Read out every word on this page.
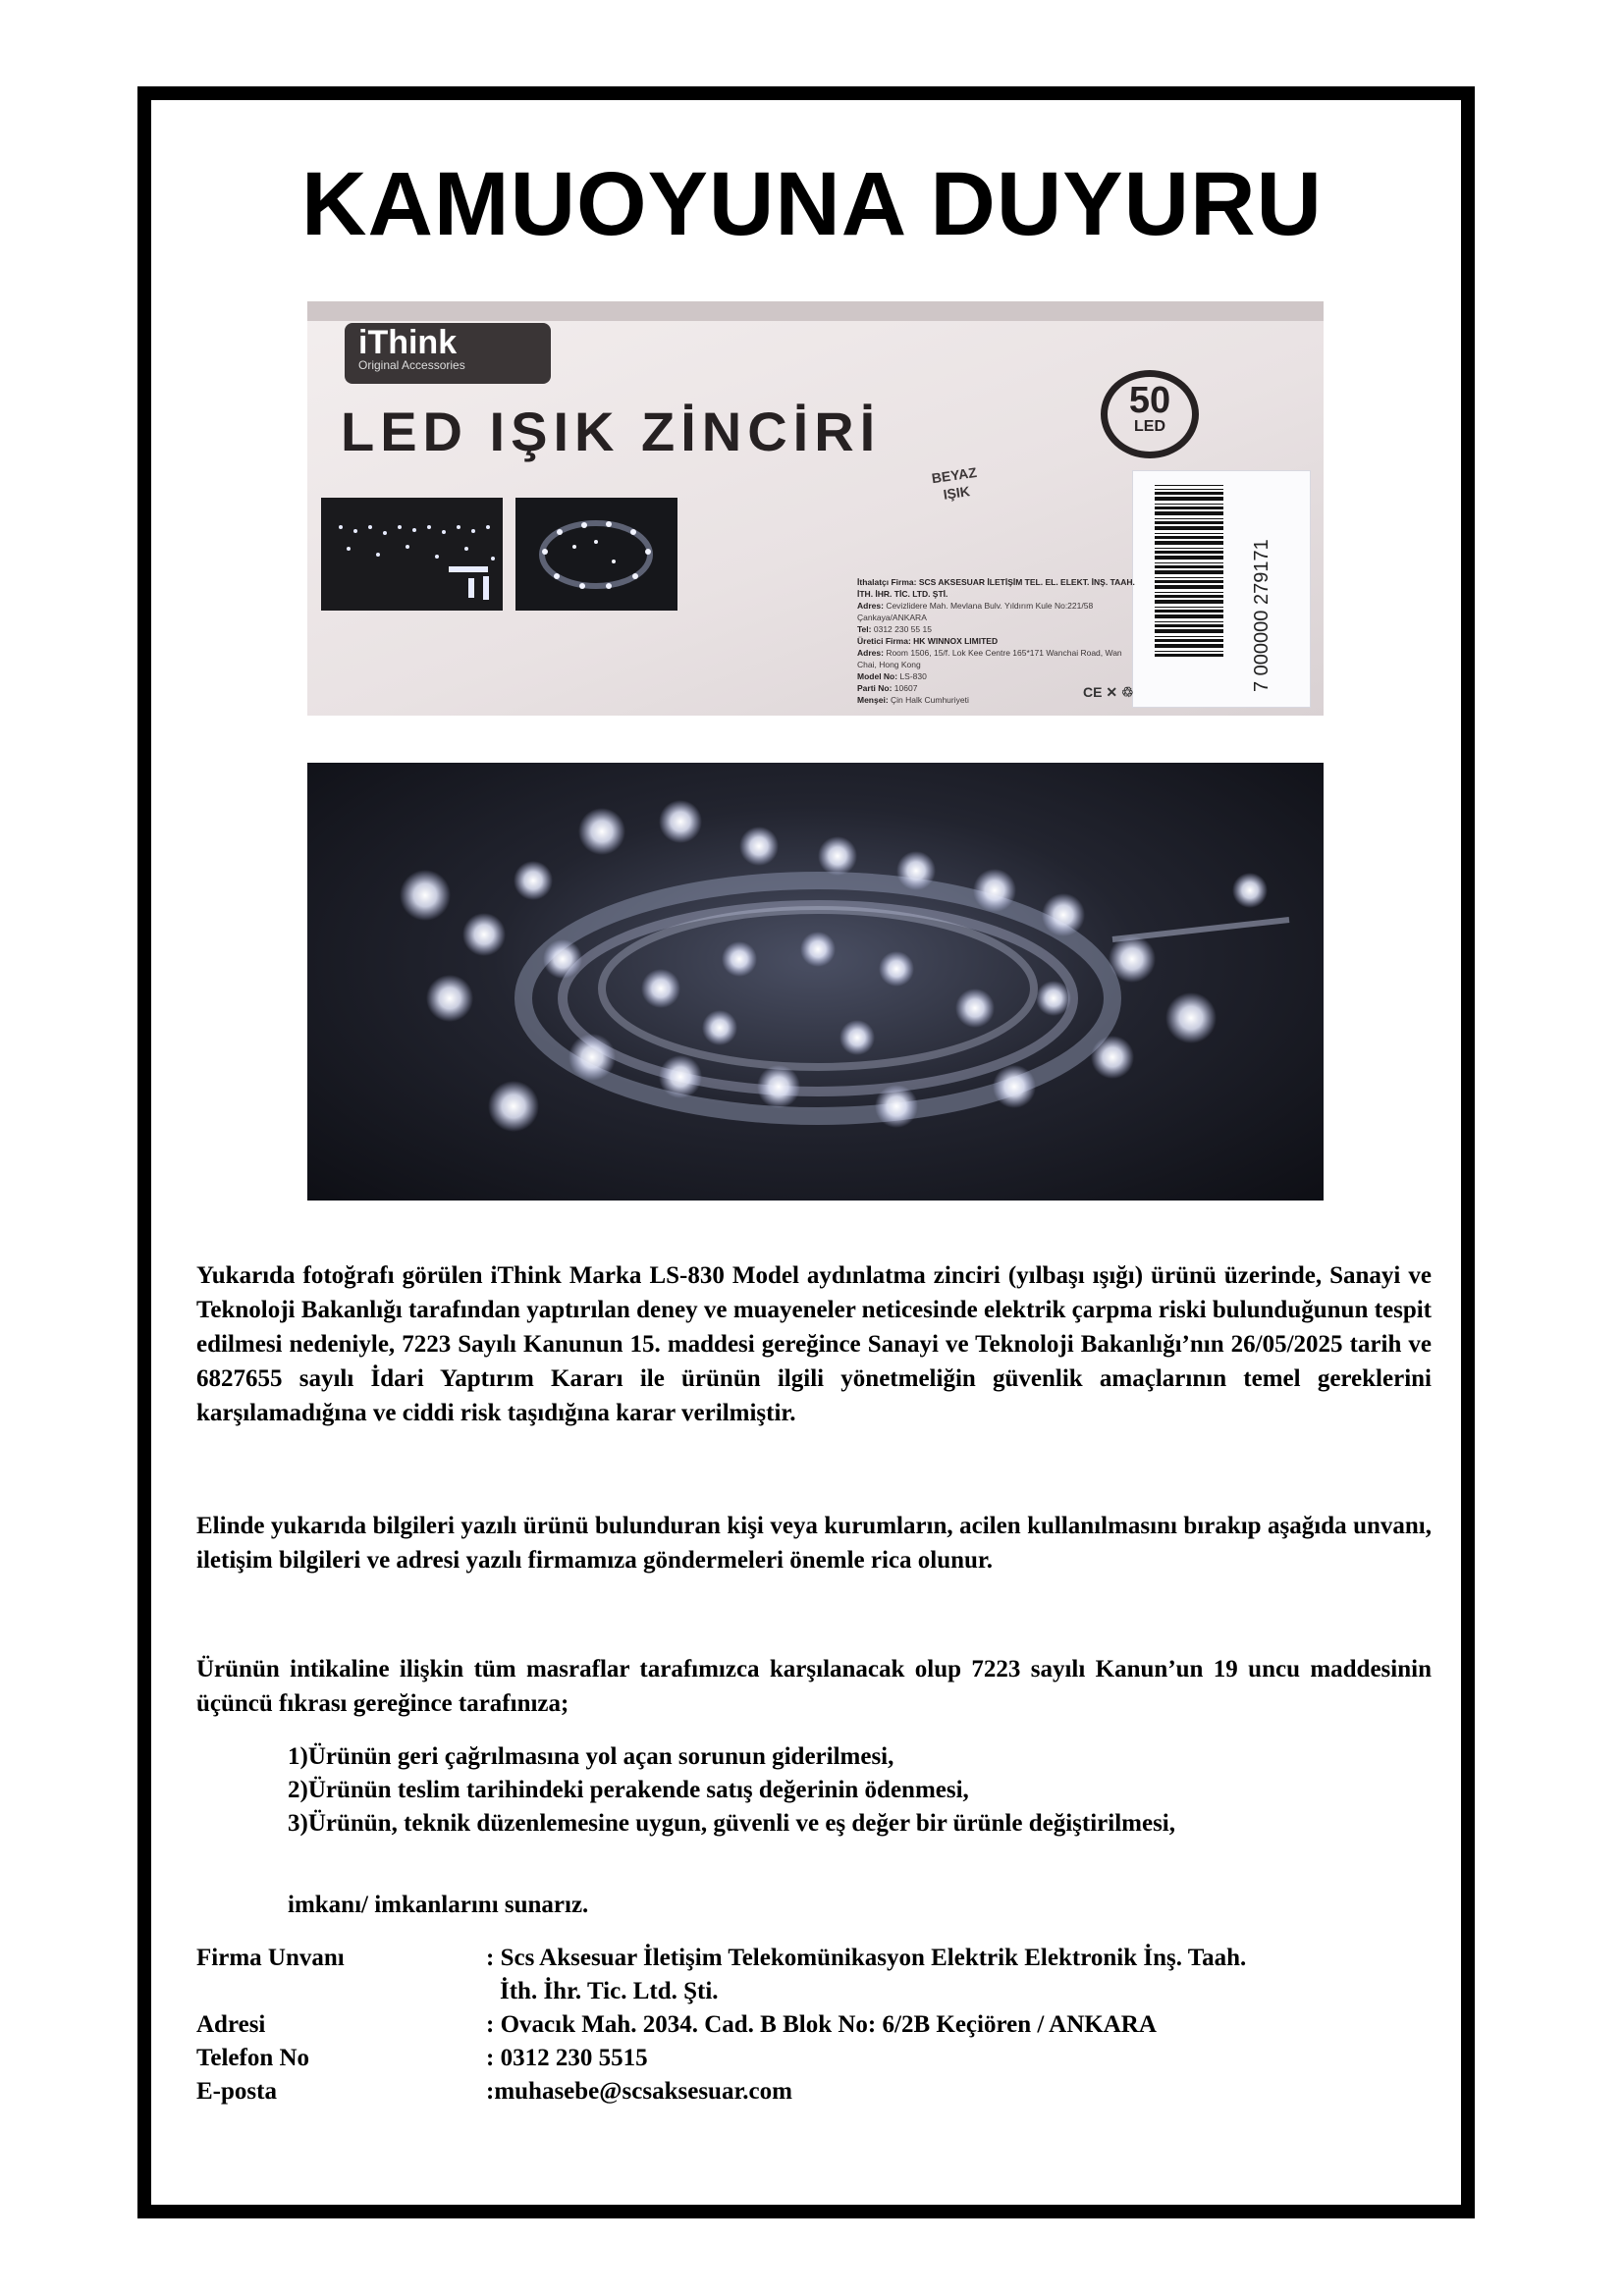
KAMUOYUNA DUYURU
iThink
Original Accessories
LED IŞIK ZİNCİRİ	50
LED
BEYAZ
IŞIK
7 000000 279171
İthalatçı Firma: SCS AKSESUAR İLETİŞİM TEL. EL. ELEKT. İNŞ. TAAH. İTH. İHR. TİC. LTD. ŞTİ.
Adres: Cevizlidere Mah. Mevlana Bulv. Yıldırım Kule No:221/58 Çankaya/ANKARA
Tel: 0312 230 55 15
Üretici Firma: HK WINNOX LIMITED
Adres: Room 1506, 15/f. Lok Kee Centre 165*171 Wanchai Road, Wan Chai, Hong Kong
Model No: LS-830
Parti No: 10607
Menşei: Çin Halk Cumhuriyeti	CE ✕ ♲
Yukarıda fotoğrafı görülen iThink Marka LS-830 Model aydınlatma zinciri (yılbaşı ışığı) ürünü üzerinde, Sanayi ve Teknoloji Bakanlığı tarafından yaptırılan deney ve muayeneler neticesinde elektrik çarpma riski bulunduğunun tespit edilmesi nedeniyle, 7223 Sayılı Kanunun 15. maddesi gereğince Sanayi ve Teknoloji Bakanlığı’nın 26/05/2025 tarih ve 6827655 sayılı İdari Yaptırım Kararı ile ürünün ilgili yönetmeliğin güvenlik amaçlarının temel gereklerini karşılamadığına ve ciddi risk taşıdığına karar verilmiştir.
Elinde yukarıda bilgileri yazılı ürünü bulunduran kişi veya kurumların, acilen kullanılmasını bırakıp aşağıda unvanı, iletişim bilgileri ve adresi yazılı firmamıza göndermeleri önemle rica olunur.
Ürünün intikaline ilişkin tüm masraflar tarafımızca karşılanacak olup 7223 sayılı Kanun’un 19 uncu maddesinin üçüncü fıkrası gereğince tarafınıza;
1)Ürünün geri çağrılmasına yol açan sorunun giderilmesi,
2)Ürünün teslim tarihindeki perakende satış değerinin ödenmesi,
3)Ürünün, teknik düzenlemesine uygun, güvenli ve eş değer bir ürünle değiştirilmesi,
imkanı/ imkanlarını sunarız.
Firma Unvanı	: Scs Aksesuar İletişim Telekomünikasyon Elektrik Elektronik İnş. Taah.
İth. İhr. Tic. Ltd. Şti.
Adresi	: Ovacık Mah. 2034. Cad. B Blok No: 6/2B Keçiören / ANKARA
Telefon No	: 0312 230 5515
E-posta	:muhasebe@scsaksesuar.com
